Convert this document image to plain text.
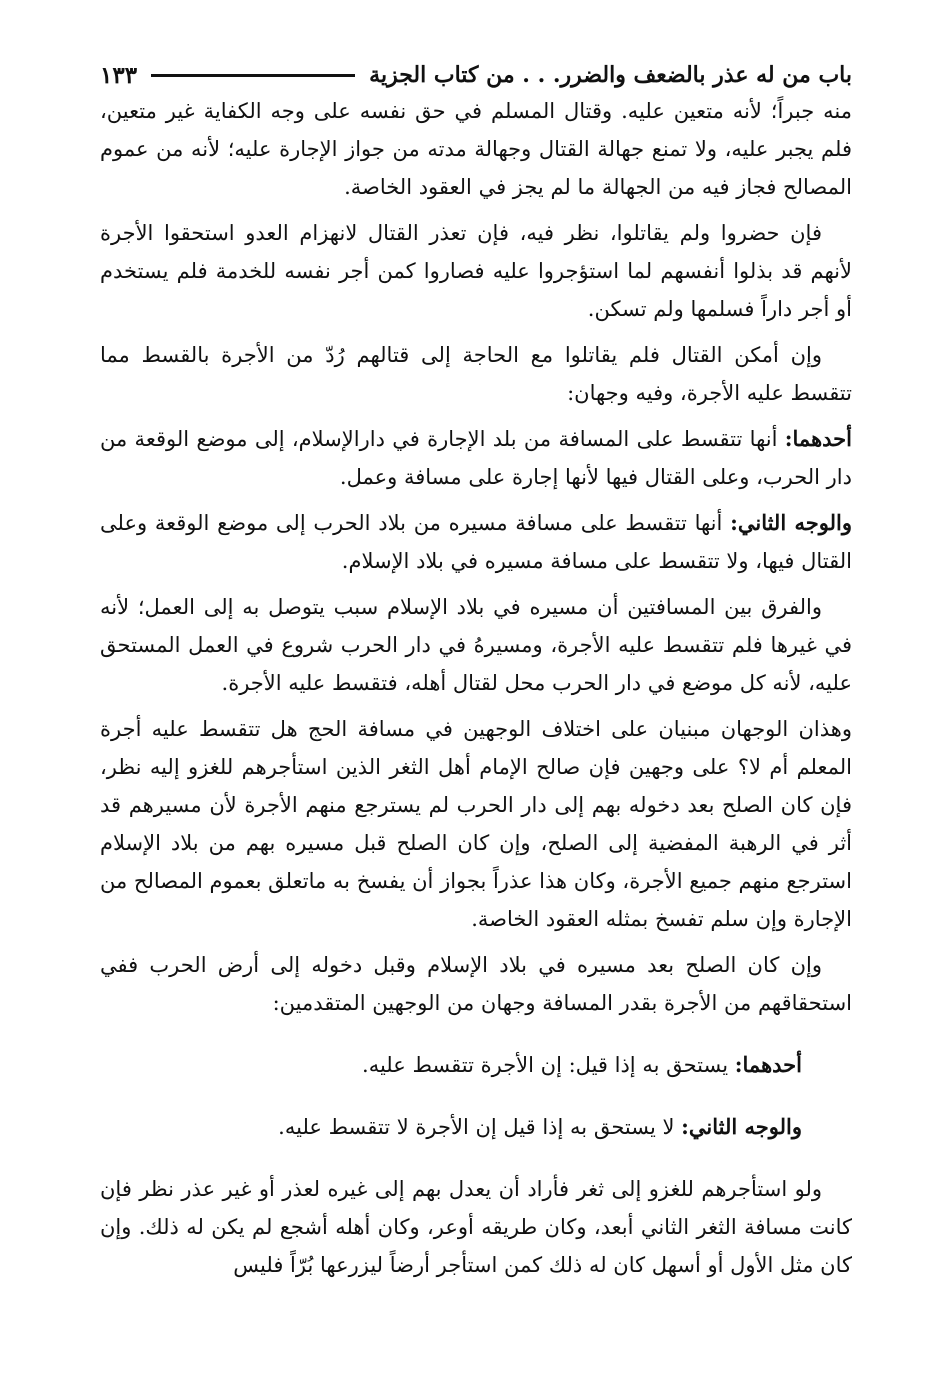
باب من له عذر بالضعف والضرر. . . من كتاب الجزية
١٣٣

منه جبراً؛ لأنه متعين عليه. وقتال المسلم في حق نفسه على وجه الكفاية غير متعين، فلم يجبر عليه، ولا تمنع جهالة القتال وجهالة مدته من جواز الإجارة عليه؛ لأنه من عموم المصالح فجاز فيه من الجهالة ما لم يجز في العقود الخاصة.

فإن حضروا ولم يقاتلوا، نظر فيه، فإن تعذر القتال لانهزام العدو استحقوا الأجرة لأنهم قد بذلوا أنفسهم لما استؤجروا عليه فصاروا كمن أجر نفسه للخدمة فلم يستخدم أو أجر داراً فسلمها ولم تسكن.

وإن أمكن القتال فلم يقاتلوا مع الحاجة إلى قتالهم رُدّ من الأجرة بالقسط مما تتقسط عليه الأجرة، وفيه وجهان:

أحدهما: أنها تتقسط على المسافة من بلد الإجارة في دارالإسلام، إلى موضع الوقعة من دار الحرب، وعلى القتال فيها لأنها إجارة على مسافة وعمل.

والوجه الثاني: أنها تتقسط على مسافة مسيره من بلاد الحرب إلى موضع الوقعة وعلى القتال فيها، ولا تتقسط على مسافة مسيره في بلاد الإسلام.

والفرق بين المسافتين أن مسيره في بلاد الإسلام سبب يتوصل به إلى العمل؛ لأنه في غيرها فلم تتقسط عليه الأجرة، ومسيرهُ في دار الحرب شروع في العمل المستحق عليه، لأنه كل موضع في دار الحرب محل لقتال أهله، فتقسط عليه الأجرة.

وهذان الوجهان مبنيان على اختلاف الوجهين في مسافة الحج هل تتقسط عليه أجرة المعلم أم لا؟ على وجهين فإن صالح الإمام أهل الثغر الذين استأجرهم للغزو إليه نظر، فإن كان الصلح بعد دخوله بهم إلى دار الحرب لم يسترجع منهم الأجرة لأن مسيرهم قد أثر في الرهبة المفضية إلى الصلح، وإن كان الصلح قبل مسيره بهم من بلاد الإسلام استرجع منهم جميع الأجرة، وكان هذا عذراً بجواز أن يفسخ به ماتعلق بعموم المصالح من الإجارة وإن سلم تفسخ بمثله العقود الخاصة.

وإن كان الصلح بعد مسيره في بلاد الإسلام وقبل دخوله إلى أرض الحرب ففي استحقاقهم من الأجرة بقدر المسافة وجهان من الوجهين المتقدمين:

أحدهما: يستحق به إذا قيل: إن الأجرة تتقسط عليه.

والوجه الثاني: لا يستحق به إذا قيل إن الأجرة لا تتقسط عليه.

ولو استأجرهم للغزو إلى ثغر فأراد أن يعدل بهم إلى غيره لعذر أو غير عذر نظر فإن كانت مسافة الثغر الثاني أبعد، وكان طريقه أوعر، وكان أهله أشجع لم يكن له ذلك. وإن كان مثل الأول أو أسهل كان له ذلك كمن استأجر أرضاً ليزرعها بُرّاً فليس
